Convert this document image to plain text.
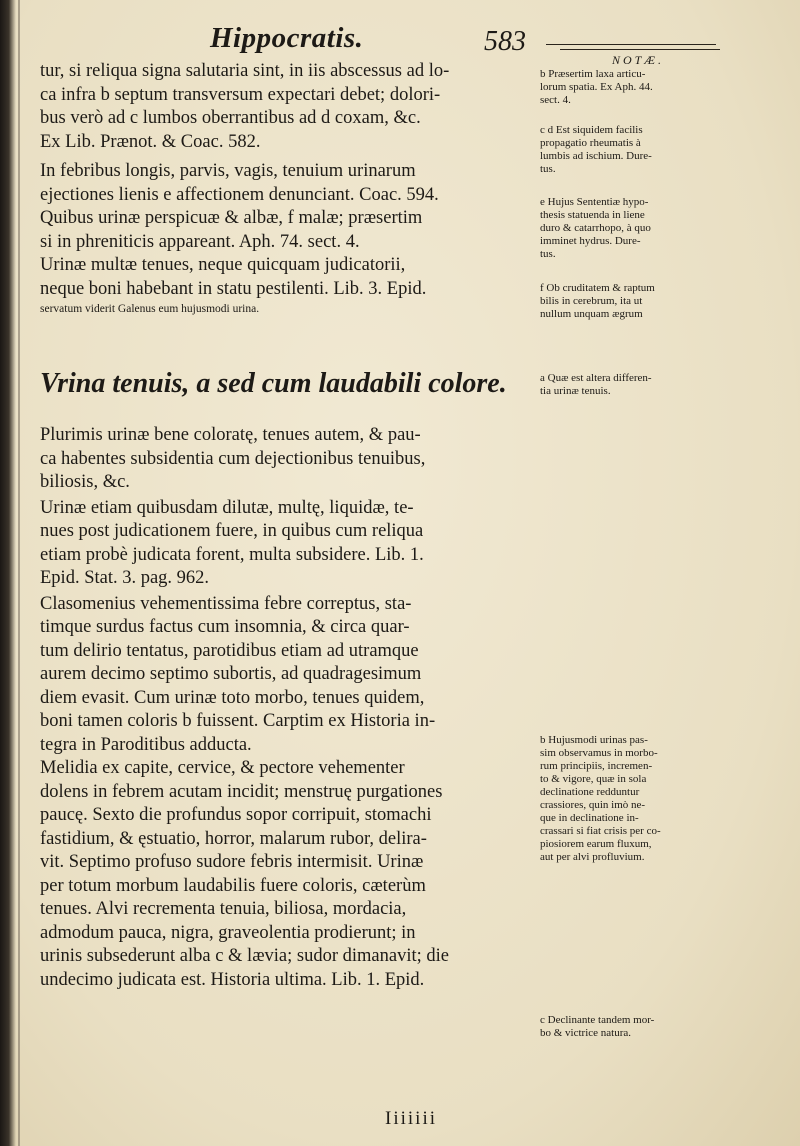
Hippocratis.	583
NOTÆ.
tur, si reliqua signa salutaria sint, in iis abscessus ad lo-
ca infra b septum transversum expectari debet; dolori-
bus verò ad c lumbos oberrantibus ad d coxam, &c.
Ex Lib. Prænot. & Coac. 582.
In febribus longis, parvis, vagis, tenuium urinarum
ejectiones lienis e affectionem denunciant. Coac. 594.
Quibus urinæ perspicuæ & albæ, f malæ; præsertim
si in phreniticis appareant. Aph. 74. sect. 4.
Urinæ multæ tenues, neque quicquam judicatorii,
neque boni habebant in statu pestilenti. Lib. 3. Epid.
servatum viderit Galenus eum hujusmodi urina.
Vrina tenuis, a sed cum laudabili colore.
Plurimis urinæ bene coloratę, tenues autem, & pau-
ca habentes subsidentia cum dejectionibus tenuibus,
biliosis, &c.
Urinæ etiam quibusdam dilutæ, multę, liquidæ, te-
nues post judicationem fuere, in quibus cum reliqua
etiam probè judicata forent, multa subsidere. Lib. 1.
Epid. Stat. 3. pag. 962.
Clasomenius vehementissima febre correptus, sta-
timque surdus factus cum insomnia, & circa quar-
tum delirio tentatus, parotidibus etiam ad utramque
aurem decimo septimo subortis, ad quadragesimum
diem evasit. Cum urinæ toto morbo, tenues quidem,
boni tamen coloris b fuissent. Carptim ex Historia in-
tegra in Paroditibus adducta.
Melidia ex capite, cervice, & pectore vehementer
dolens in febrem acutam incidit; menstruę purgationes
paucę. Sexto die profundus sopor corripuit, stomachi
fastidium, & ęstuatio, horror, malarum rubor, delira-
vit. Septimo profuso sudore febris intermisit. Urinæ
per totum morbum laudabilis fuere coloris, cæterùm
tenues. Alvi recrementa tenuia, biliosa, mordacia,
admodum pauca, nigra, graveolentia prodierunt; in
urinis subsederunt alba c & lævia; sudor dimanavit; die
undecimo judicata est. Historia ultima. Lib. 1. Epid.
Iiiiiii
b Præsertim laxa articu-
lorum spatia. Ex Aph. 44.
sect. 4.
c d Est siquidem facilis
propagatio rheumatis à
lumbis ad ischium. Dure-
tus.
e Hujus Sententiæ hypo-
thesis statuenda in liene
duro & catarrhopo, à quo
imminet hydrus. Dure-
tus.
f Ob cruditatem & raptum
bilis in cerebrum, ita ut
nullum unquam ægrum
a Quæ est altera differen-
tia urinæ tenuis.
b Hujusmodi urinas pas-
sim observamus in morbo-
rum principiis, incremen-
to & vigore, quæ in sola
declinatione redduntur
crassiores, quin imò ne-
que in declinatione in-
crassari si fiat crisis per co-
piosiorem earum fluxum,
aut per alvi profluvium.
c Declinante tandem mor-
bo & victrice natura.
